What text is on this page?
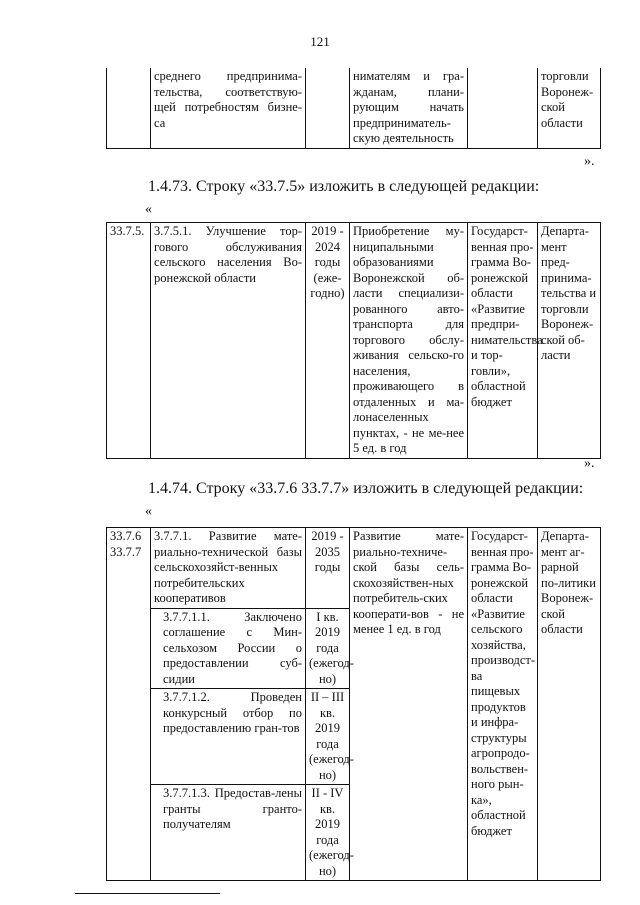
121
	среднего предпринима-тельства, соответствую-щей потребностям бизне-са		нимателям и гра-жданам, плани-рующим начать предприниматель-скую деятельность		торговли Воронеж-ской области
».
1.4.73. Строку «33.7.5» изложить в следующей редакции:
«
33.7.5.	3.7.5.1. Улучшение тор-гового обслуживания сельского населения Во-ронежской области	2019 - 2024 годы (еже-годно)	Приобретение му-ниципальными образованиями Воронежской об-ласти специализи-рованного авто-транспорта для торгового обслу-живания сельско-го населения, проживающего в отдаленных и ма-лонаселенных пунктах, - не ме-нее 5 ед. в год	Государст-венная про-грамма Во-ронежской области «Развитие предпри-нимательства и тор-говли», областной бюджет	Департа-мент пред-принима-тельства и торговли Воронеж-ской об-ласти
».
1.4.74. Строку «33.7.6 33.7.7» изложить в следующей редакции:
«
33.7.6 33.7.7	3.7.7.1. Развитие мате-риально-технической базы сельскохозяйст-венных потребительских кооперативов	2019 - 2035 годы	Развитие мате-риально-техниче-ской базы сель-скохозяйствен-ных потребитель-ских кооперати-вов - не менее 1 ед. в год	Государст-венная про-грамма Во-ронежской области «Развитие сельского хозяйства, производст-ва пищевых продуктов и инфра-структуры агропродо-вольствен-ного рын-ка», областной бюджет	Департа-мент аг-рарной по-литики Воронеж-ской области
	3.7.7.1.1. Заключено соглашение с Мин-сельхозом России о предоставлении суб-сидии	I кв. 2019 года (ежегод-но)			
	3.7.7.1.2. Проведен конкурсный отбор по предоставлению гран-тов	II – III кв. 2019 года (ежегод-но)			
	3.7.7.1.3. Предостав-лены гранты гранто-получателям	II - IV кв. 2019 года (ежегод-но)			
